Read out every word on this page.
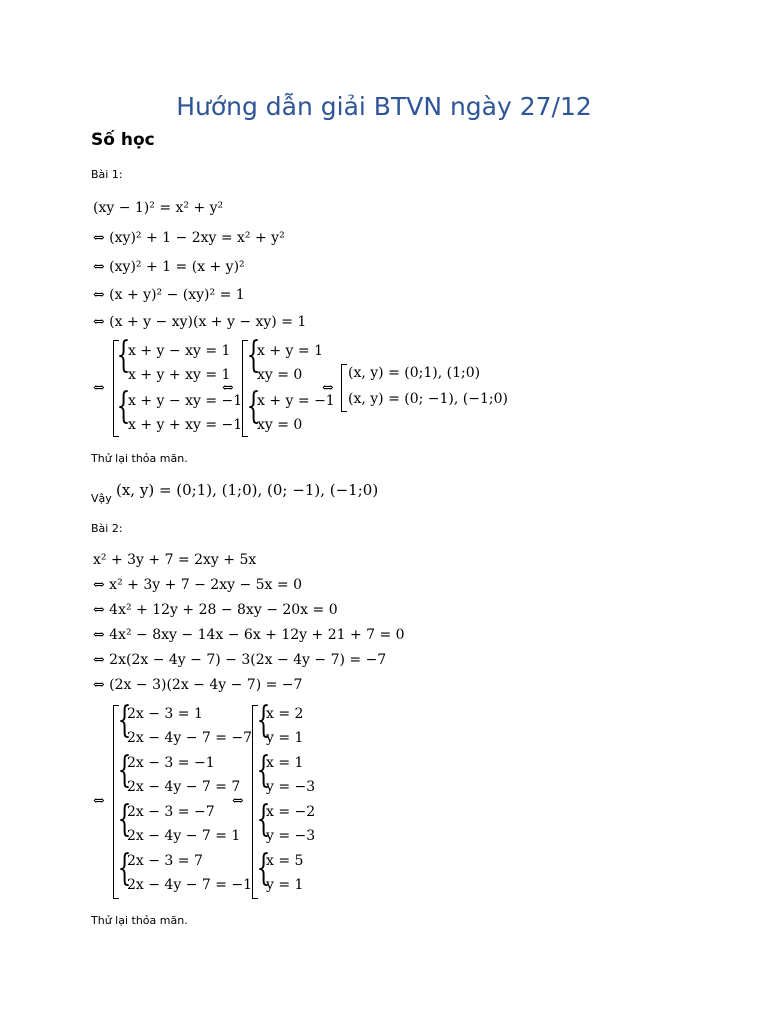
Hướng dẫn giải BTVN ngày 27/12
Số học
Bài 1:
(xy − 1)² = x² + y²
⇔ (xy)² + 1 − 2xy = x² + y²
⇔ (xy)² + 1 = (x + y)²
⇔ (x + y)² − (xy)² = 1
⇔ (x + y − xy)(x + y − xy) = 1
⇔
{
{
x + y − xy = 1
x + y + xy = 1
x + y − xy = −1
x + y + xy = −1
⇔
{
{
x + y = 1
xy = 0
x + y = −1
xy = 0
⇔
(x, y) = (0;1), (1;0)
(x, y) = (0; −1), (−1;0)
Thử lại thỏa mãn.
Vậy (x, y) = (0;1), (1;0), (0; −1), (−1;0)
Bài 2:
x² + 3y + 7 = 2xy + 5x
⇔ x² + 3y + 7 − 2xy − 5x = 0
⇔ 4x² + 12y + 28 − 8xy − 20x = 0
⇔ 4x² − 8xy − 14x − 6x + 12y + 21 + 7 = 0
⇔ 2x(2x − 4y − 7) − 3(2x − 4y − 7) = −7
⇔ (2x − 3)(2x − 4y − 7) = −7
⇔
{
{
{
{
2x − 3 = 1
2x − 4y − 7 = −7
2x − 3 = −1
2x − 4y − 7 = 7
2x − 3 = −7
2x − 4y − 7 = 1
2x − 3 = 7
2x − 4y − 7 = −1
⇔
{
{
{
{
x = 2
y = 1
x = 1
y = −3
x = −2
y = −3
x = 5
y = 1
Thử lại thỏa mãn.
